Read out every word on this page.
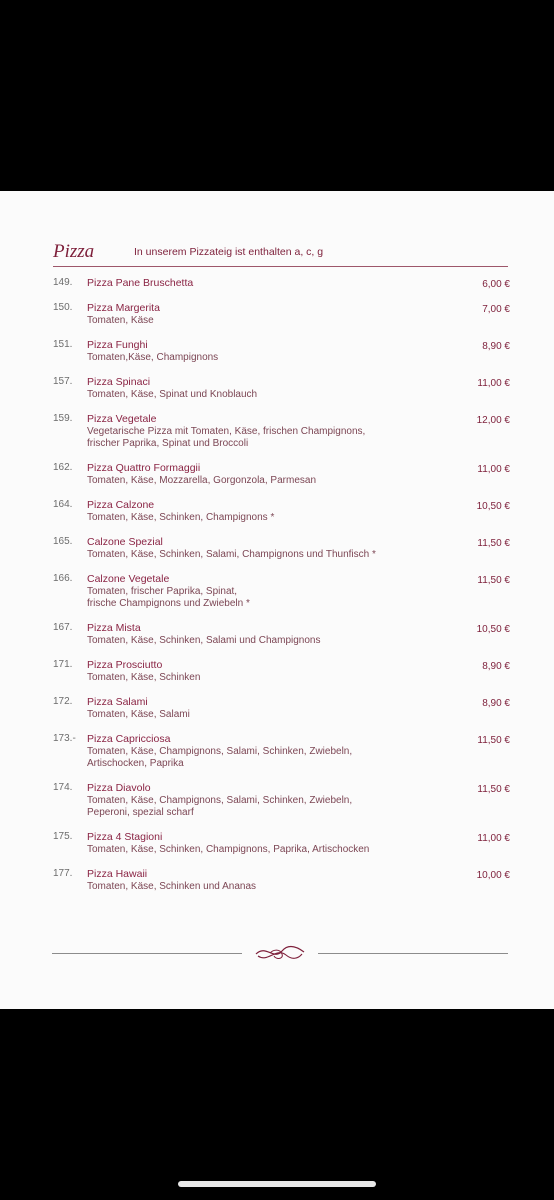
Pizza	In unserem Pizzateig ist enthalten a, c, g
149. Pizza Pane Bruschetta	6,00 €
150. Pizza Margerita
Tomaten, Käse
7,00 €
151. Pizza Funghi
Tomaten,Käse, Champignons
8,90 €
157. Pizza Spinaci
Tomaten, Käse, Spinat und Knoblauch
11,00 €
159. Pizza Vegetale
Vegetarische Pizza mit Tomaten, Käse, frischen Champignons,
frischer Paprika, Spinat und Broccoli
12,00 €
162. Pizza Quattro Formaggii
Tomaten, Käse, Mozzarella, Gorgonzola, Parmesan
11,00 €
164. Pizza Calzone
Tomaten, Käse, Schinken, Champignons *
10,50 €
165. Calzone Spezial
Tomaten, Käse, Schinken, Salami, Champignons und Thunfisch *
11,50 €
166. Calzone Vegetale
Tomaten, frischer Paprika, Spinat,
frische Champignons und Zwiebeln *
11,50 €
167. Pizza Mista
Tomaten, Käse, Schinken, Salami und Champignons
10,50 €
171. Pizza Prosciutto
Tomaten, Käse, Schinken
8,90 €
172. Pizza Salami
Tomaten, Käse, Salami
8,90 €
173.- Pizza Capricciosa
Tomaten, Käse, Champignons, Salami, Schinken, Zwiebeln,
Artischocken, Paprika
11,50 €
174. Pizza Diavolo
Tomaten, Käse, Champignons, Salami, Schinken, Zwiebeln,
Peperoni, spezial scharf
11,50 €
175. Pizza 4 Stagioni
Tomaten, Käse, Schinken, Champignons, Paprika, Artischocken
11,00 €
177. Pizza Hawaii
Tomaten, Käse, Schinken und Ananas
10,00 €
